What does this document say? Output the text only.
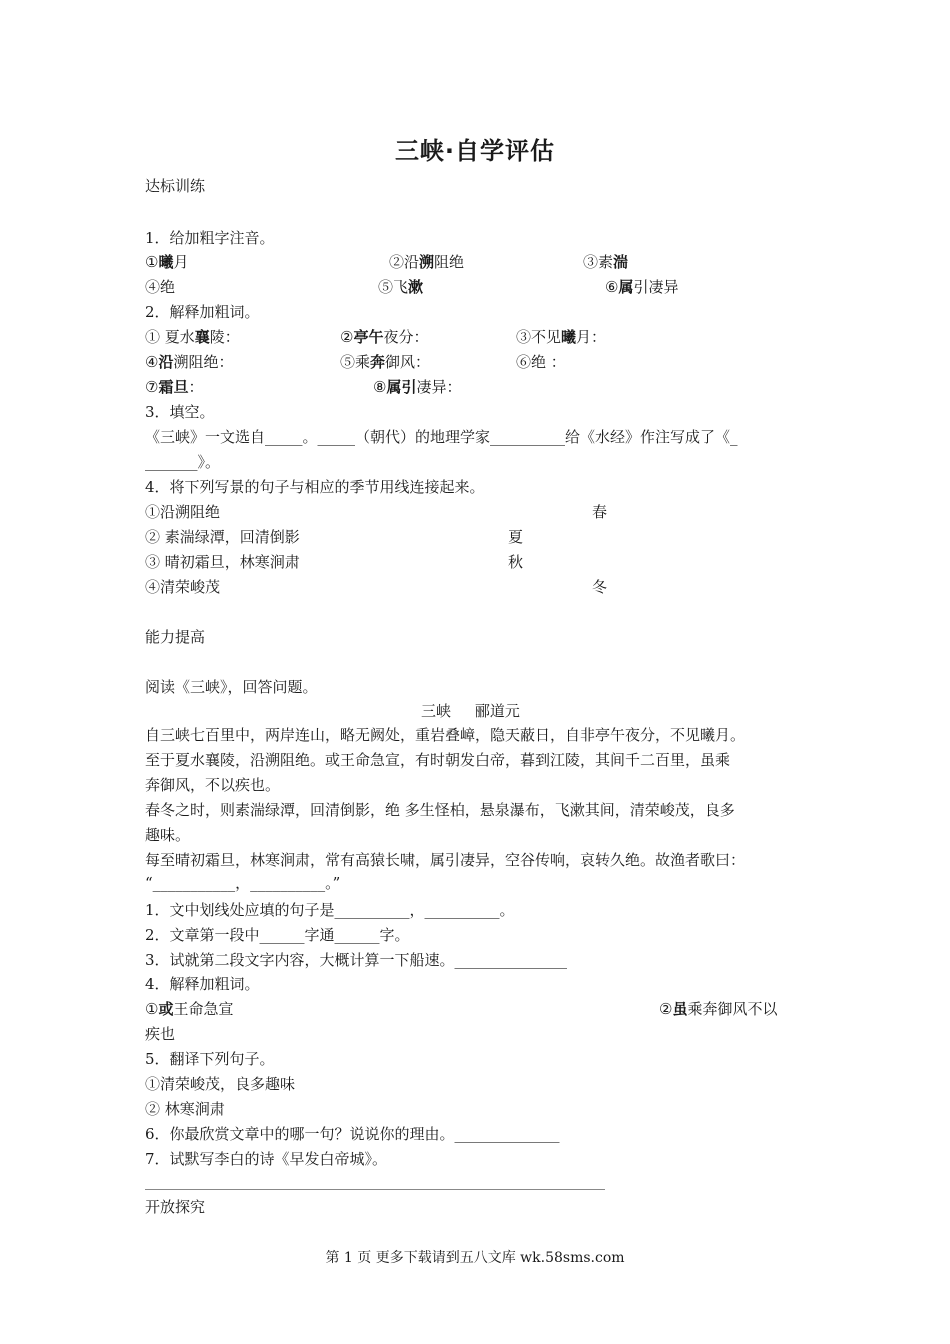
三峡·自学评估
达标训练
1．给加粗字注音。
①曦月	②沿溯阻绝	③素湍
④绝	⑤飞漱	⑥属引凄异
2．解释加粗词。
① 夏水襄陵：	②亭午夜分：	③不见曦月：
④沿溯阻绝：	⑤乘奔御风：	⑥绝 ：
⑦霜旦：	⑧属引凄异：
3．填空。
《三峡》一文选自_____。_____（朝代）的地理学家__________给《水经》作注写成了《_
_______》。
4．将下列写景的句子与相应的季节用线连接起来。
①沿溯阻绝	春
② 素湍绿潭，回清倒影	夏
③ 晴初霜旦，林寒涧肃	秋
④清荣峻茂	冬
能力提高
阅读《三峡》，回答问题。
三峡     郦道元
自三峡七百里中，两岸连山，略无阙处，重岩叠嶂，隐天蔽日，自非亭午夜分，不见曦月。
至于夏水襄陵，沿溯阻绝。或王命急宣，有时朝发白帝，暮到江陵，其间千二百里，虽乘
奔御风，不以疾也。
春冬之时，则素湍绿潭，回清倒影，绝 多生怪柏，悬泉瀑布，飞漱其间，清荣峻茂，良多
趣味。
每至晴初霜旦，林寒涧肃，常有高猿长啸，属引凄异，空谷传响，哀转久绝。故渔者歌曰：
“___________，__________。”
1．文中划线处应填的句子是__________，__________。
2．文章第一段中______字通______字。
3．试就第二段文字内容，大概计算一下船速。_______________
4．解释加粗词。
①或王命急宣	②虽乘奔御风不以
疾也
5．翻译下列句子。
①清荣峻茂，良多趣味
② 林寒涧肃
6．你最欣赏文章中的哪一句？说说你的理由。______________
7．试默写李白的诗《早发白帝城》。
开放探究
第 1 页 更多下载请到五八文库 wk.58sms.com
